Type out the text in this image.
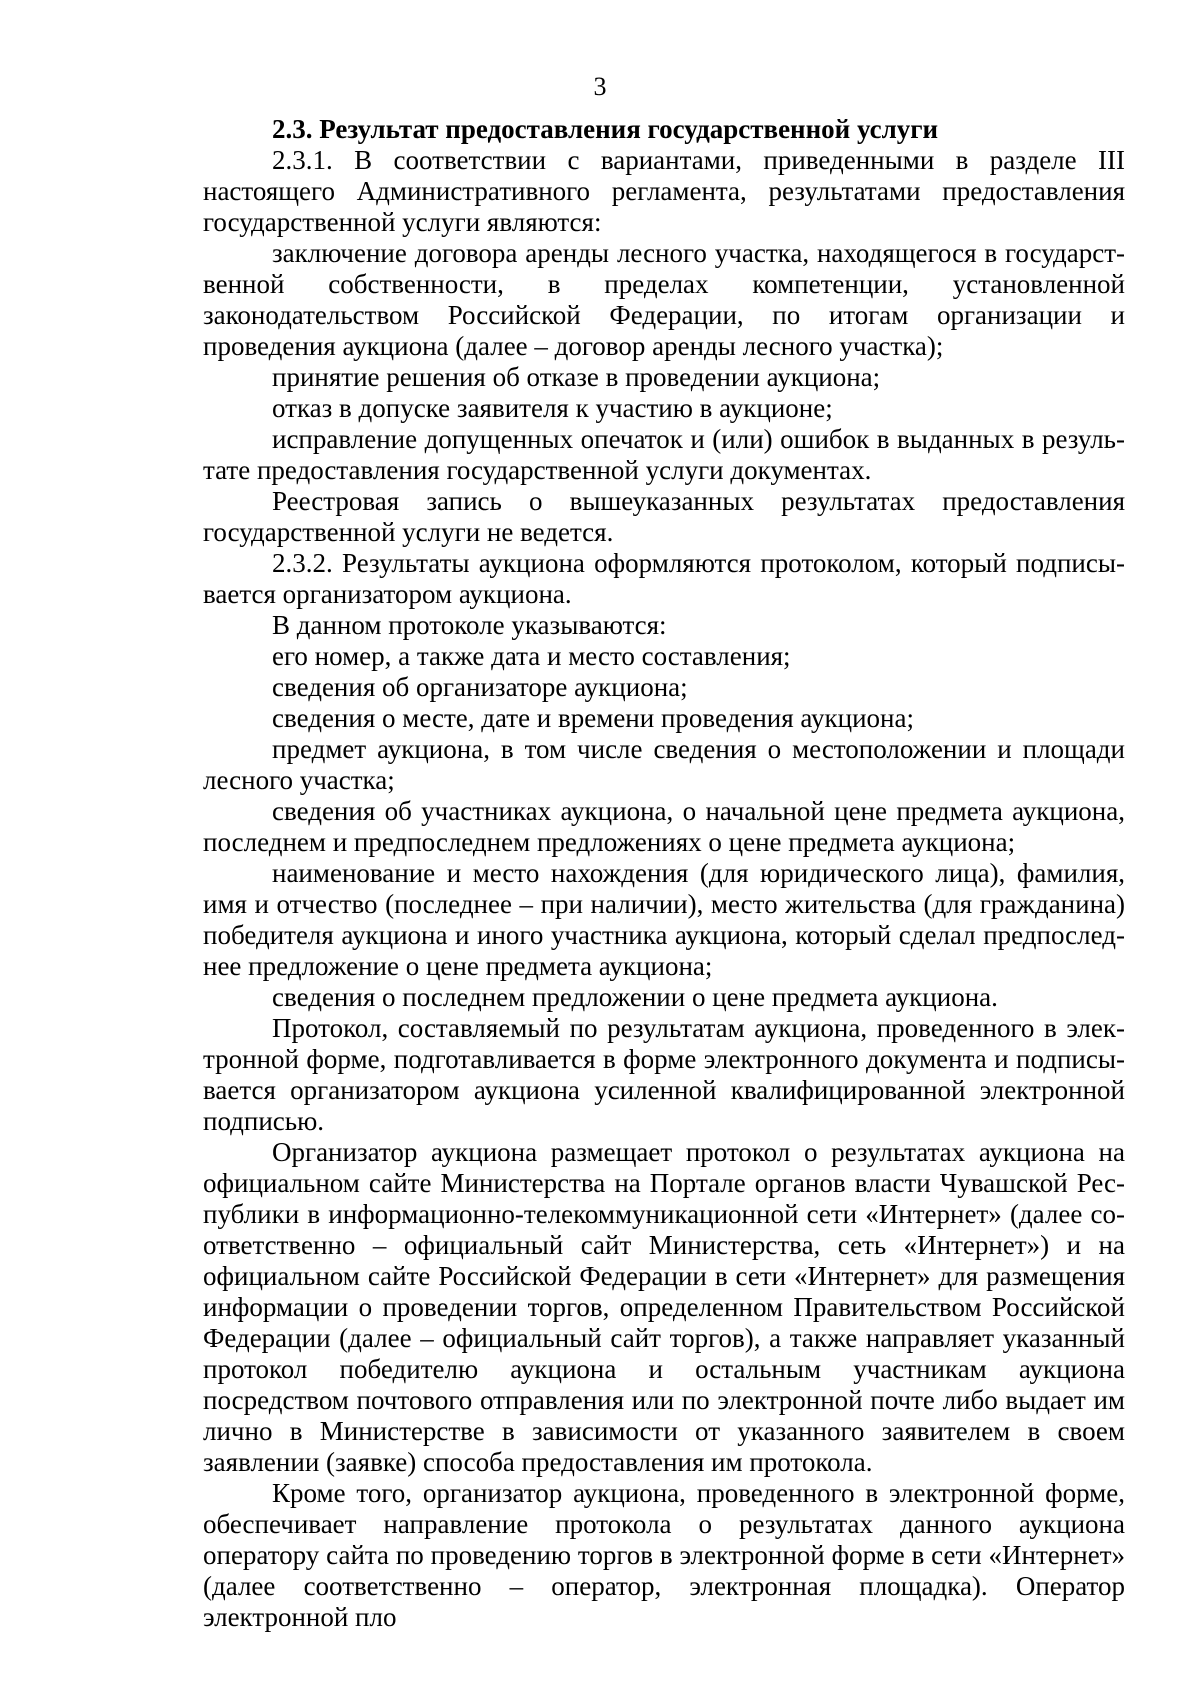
3

2.3. Результат предоставления государственной услуги

2.3.1. В соответствии с вариантами, приведенными в разделе III настоящего Административного регламента, результатами предоставления государственной услуги являются:

заключение договора аренды лесного участка, находящегося в государственной собственности, в пределах компетенции, установленной законодательством Российской Федерации, по итогам организации и проведения аукциона (далее – договор аренды лесного участка);

принятие решения об отказе в проведении аукциона;

отказ в допуске заявителя к участию в аукционе;

исправление допущенных опечаток и (или) ошибок в выданных в результате предоставления государственной услуги документах.

Реестровая запись о вышеуказанных результатах предоставления государственной услуги не ведется.

2.3.2. Результаты аукциона оформляются протоколом, который подписывается организатором аукциона.

В данном протоколе указываются:

его номер, а также дата и место составления;

сведения об организаторе аукциона;

сведения о месте, дате и времени проведения аукциона;

предмет аукциона, в том числе сведения о местоположении и площади лесного участка;

сведения об участниках аукциона, о начальной цене предмета аукциона, последнем и предпоследнем предложениях о цене предмета аукциона;

наименование и место нахождения (для юридического лица), фамилия, имя и отчество (последнее – при наличии), место жительства (для гражданина) победителя аукциона и иного участника аукциона, который сделал предпоследнее предложение о цене предмета аукциона;

сведения о последнем предложении о цене предмета аукциона.

Протокол, составляемый по результатам аукциона, проведенного в электронной форме, подготавливается в форме электронного документа и подписывается организатором аукциона усиленной квалифицированной электронной подписью.

Организатор аукциона размещает протокол о результатах аукциона на официальном сайте Министерства на Портале органов власти Чувашской Республики в информационно-телекоммуникационной сети «Интернет» (далее соответственно – официальный сайт Министерства, сеть «Интернет») и на официальном сайте Российской Федерации в сети «Интернет» для размещения информации о проведении торгов, определенном Правительством Российской Федерации (далее – официальный сайт торгов), а также направляет указанный протокол победителю аукциона и остальным участникам аукциона посредством почтового отправления или по электронной почте либо выдает им лично в Министерстве в зависимости от указанного заявителем в своем заявлении (заявке) способа предоставления им протокола.

Кроме того, организатор аукциона, проведенного в электронной форме, обеспечивает направление протокола о результатах данного аукциона оператору сайта по проведению торгов в электронной форме в сети «Интернет» (далее соответственно – оператор, электронная площадка). Оператор электронной пло
